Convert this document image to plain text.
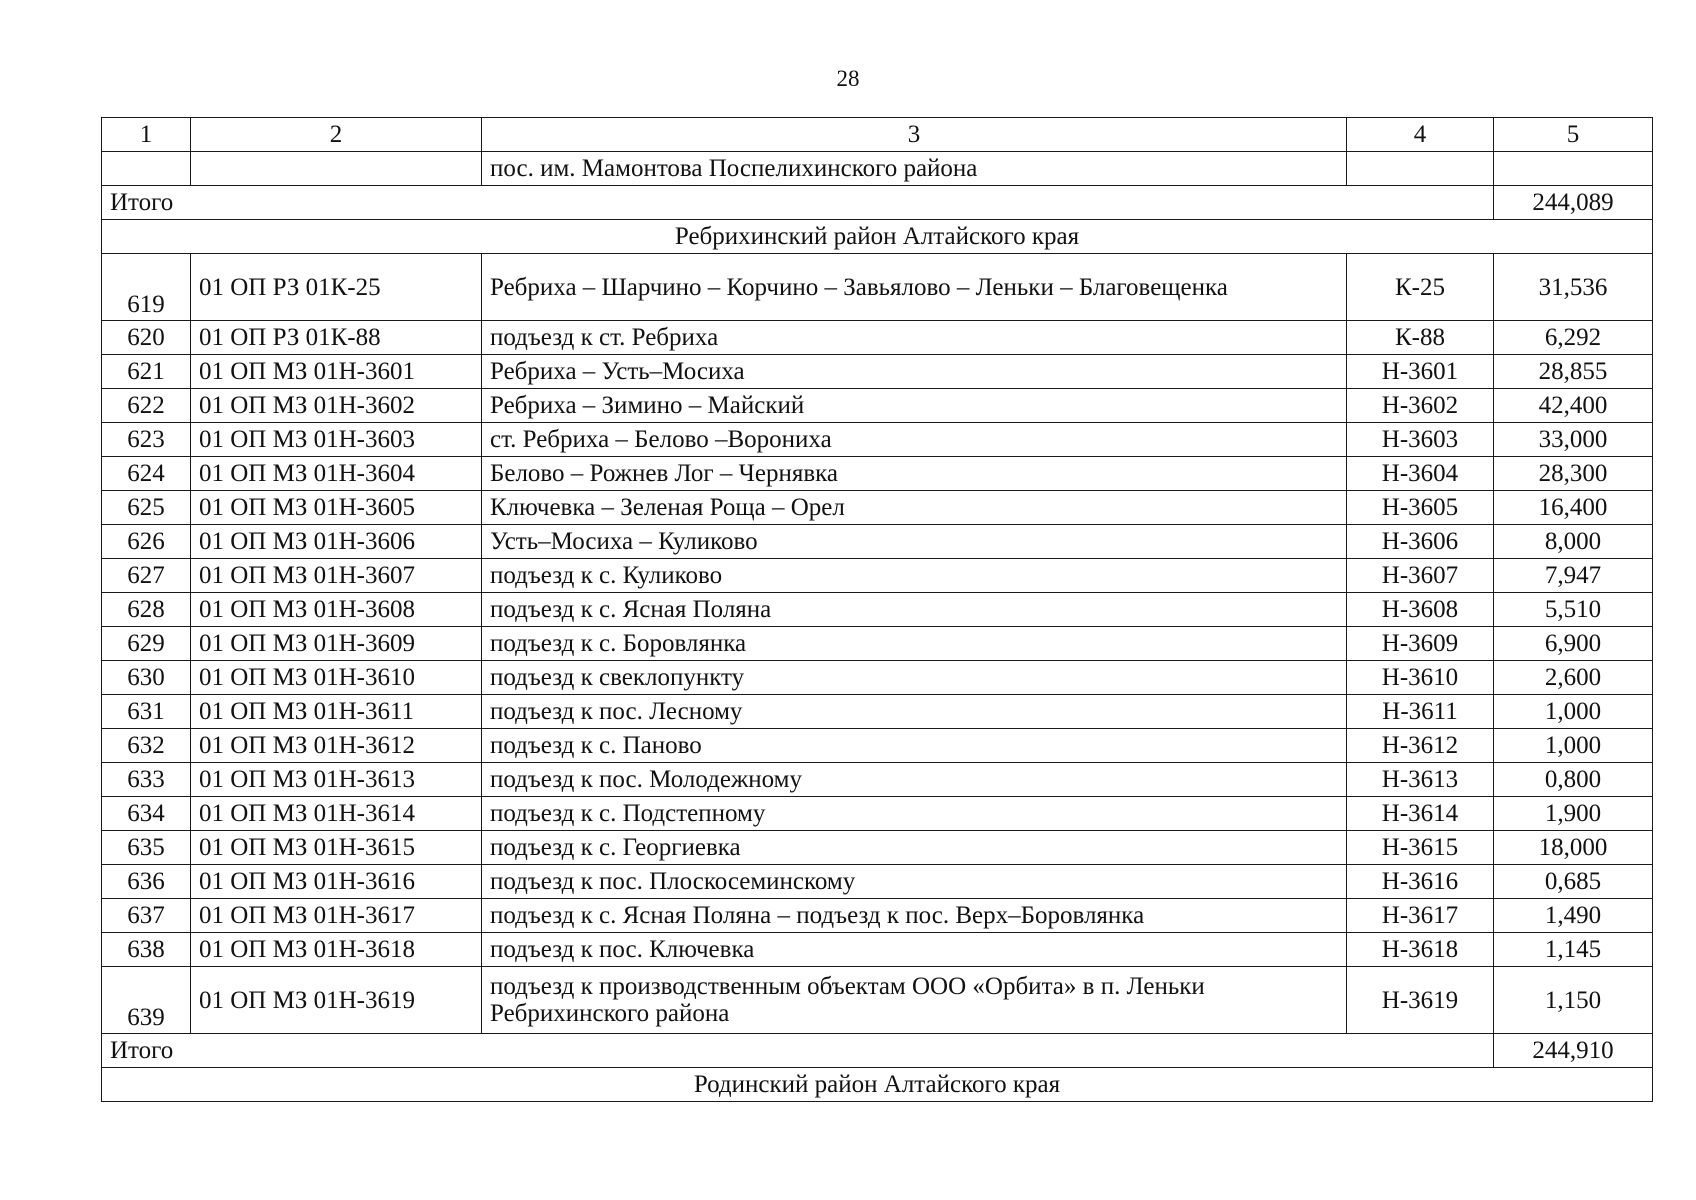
28
1	2	3	4	5
		пос. им. Мамонтова Поспелихинского района		
Итого				244,089
Ребрихинский район Алтайского края				
619	01 ОП РЗ 01К-25	Ребриха – Шарчино – Корчино – Завьялово – Леньки – Благовещенка	К-25	31,536
620	01 ОП РЗ 01К-88	подъезд к ст. Ребриха	К-88	6,292
621	01 ОП МЗ 01Н-3601	Ребриха – Усть–Мосиха	Н-3601	28,855
622	01 ОП МЗ 01Н-3602	Ребриха – Зимино – Майский	Н-3602	42,400
623	01 ОП МЗ 01Н-3603	ст. Ребриха – Белово –Ворониха	Н-3603	33,000
624	01 ОП МЗ 01Н-3604	Белово – Рожнев Лог – Чернявка	Н-3604	28,300
625	01 ОП МЗ 01Н-3605	Ключевка – Зеленая Роща – Орел	Н-3605	16,400
626	01 ОП МЗ 01Н-3606	Усть–Мосиха – Куликово	Н-3606	8,000
627	01 ОП МЗ 01Н-3607	подъезд к с. Куликово	Н-3607	7,947
628	01 ОП МЗ 01Н-3608	подъезд к с. Ясная Поляна	Н-3608	5,510
629	01 ОП МЗ 01Н-3609	подъезд к с. Боровлянка	Н-3609	6,900
630	01 ОП МЗ 01Н-3610	подъезд к свеклопункту	Н-3610	2,600
631	01 ОП МЗ 01Н-3611	подъезд к пос. Лесному	Н-3611	1,000
632	01 ОП МЗ 01Н-3612	подъезд к с. Паново	Н-3612	1,000
633	01 ОП МЗ 01Н-3613	подъезд к пос. Молодежному	Н-3613	0,800
634	01 ОП МЗ 01Н-3614	подъезд к с. Подстепному	Н-3614	1,900
635	01 ОП МЗ 01Н-3615	подъезд к с. Георгиевка	Н-3615	18,000
636	01 ОП МЗ 01Н-3616	подъезд к пос. Плоскосеминскому	Н-3616	0,685
637	01 ОП МЗ 01Н-3617	подъезд к с. Ясная Поляна – подъезд к пос. Верх–Боровлянка	Н-3617	1,490
638	01 ОП МЗ 01Н-3618	подъезд к пос. Ключевка	Н-3618	1,145
639	01 ОП МЗ 01Н-3619	подъезд к производственным объектам ООО «Орбита» в п. Леньки Ребрихинского района	Н-3619	1,150
Итого				244,910
Родинский район Алтайского края				
